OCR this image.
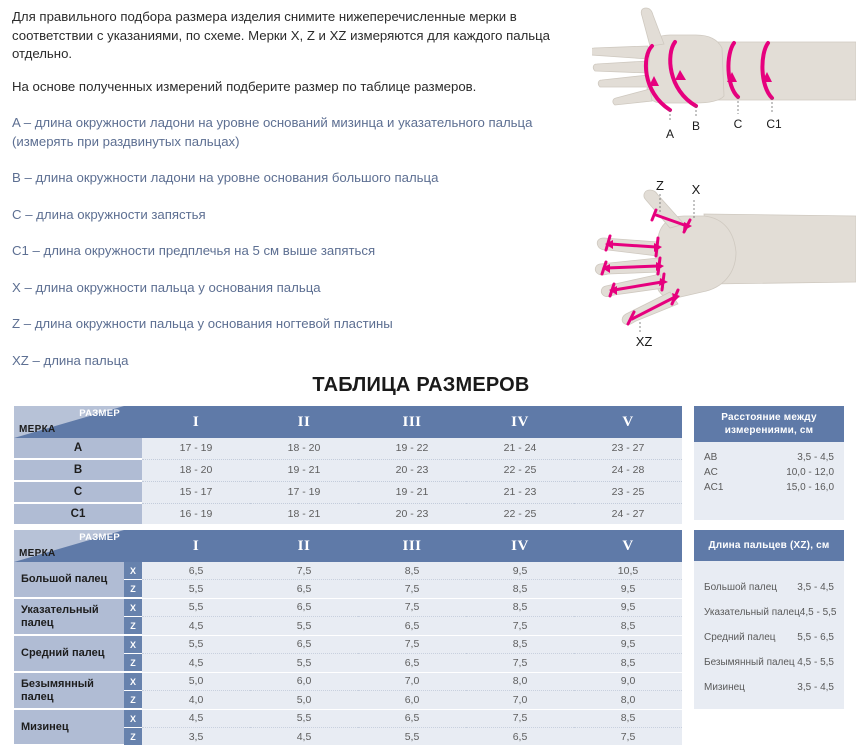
Для правильного подбора размера изделия снимите нижеперечисленные мерки в соответствии с указаниями, по схеме. Мерки X, Z и XZ измеряются для каждого пальца отдельно.

На основе полученных измерений подберите размер по таблице размеров.

A – длина окружности ладони на уровне оснований мизинца и указательного пальца (измерять при раздвинутых пальцах)

B – длина окружности ладони на уровне основания большого пальца

C – длина окружности запястья

C1 – длина окружности предплечья на 5 см выше запяться

X – длина окружности пальца у основания пальца

Z – длина окружности пальца у основания ногтевой пластины

XZ – длина пальца

A
B	C C1
Z X
XZ
ТАБЛИЦА РАЗМЕРОВ
РАЗМЕР
МЕРКА		I	II	III	IV	V
A		17 - 19	18 - 20	19 - 22	21 - 24	23 - 27
B		18 - 20	19 - 21	20 - 23	22 - 25	24 - 28
C		15 - 17	17 - 19	19 - 21	21 - 23	23 - 25
C1		16 - 19	18 - 21	20 - 23	22 - 25	24 - 27
Расстояние между измерениями, см
AB	3,5 - 4,5
AC	10,0 - 12,0
AC1	15,0 - 16,0
РАЗМЕР
МЕРКА		I	II	III	IV	V
Большой палец	X	6,5	7,5	8,5	9,5	10,5
	Z	5,5	6,5	7,5	8,5	9,5
Указательный палец	X	5,5	6,5	7,5	8,5	9,5
	Z	4,5	5,5	6,5	7,5	8,5
Средний палец	X	5,5	6,5	7,5	8,5	9,5
	Z	4,5	5,5	6,5	7,5	8,5
Безымянный палец	X	5,0	6,0	7,0	8,0	9,0
	Z	4,0	5,0	6,0	7,0	8,0
Мизинец	X	4,5	5,5	6,5	7,5	8,5
	Z	3,5	4,5	5,5	6,5	7,5
Длина пальцев (XZ), см
Большой палец 3,5 - 4,5
Указательный палец 4,5 - 5,5
Средний палец 5,5 - 6,5
Безымянный палец 4,5 - 5,5
Мизинец	3,5 - 4,5
